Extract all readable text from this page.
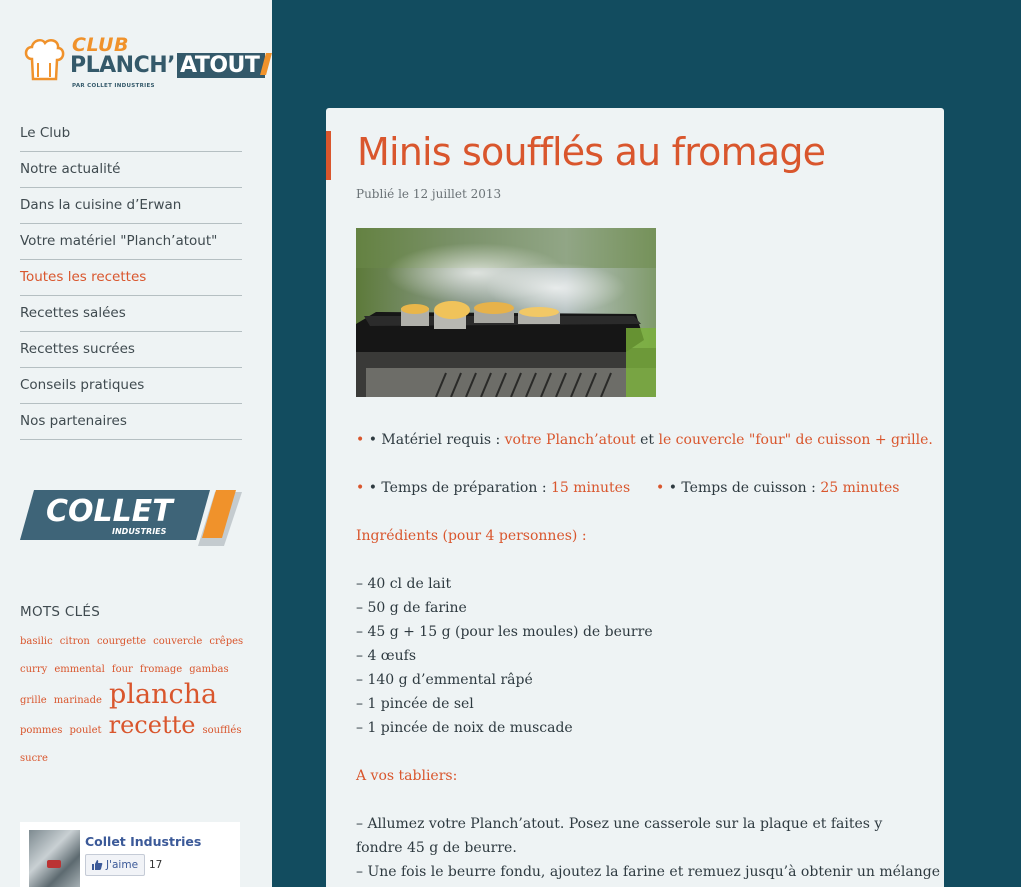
CLUB
PLANCH’ ATOUT
PAR COLLET INDUSTRIES
Le Club
Notre actualité
Dans la cuisine d’Erwan
Votre matériel "Planch’atout"
Toutes les recettes
Recettes salées
Recettes sucrées
Conseils pratiques
Nos partenaires
COLLET
INDUSTRIES
MOTS CLÉS
basilic citron courgette couvercle crêpes curry emmental four fromage gambas grille marinade plancha pommes poulet recette soufflés sucre
Collet Industries
J'aime 17
Minis soufflés au fromage
Publié le 12 juillet 2013

• • Matériel requis : votre Planch’atout et le couvercle "four" de cuisson + grille.

• • Temps de préparation : 15 minutes • • Temps de cuisson : 25 minutes

Ingrédients (pour 4 personnes) :

– 40 cl de lait

– 50 g de farine

– 45 g + 15 g (pour les moules) de beurre

– 4 œufs

– 140 g d’emmental râpé

– 1 pincée de sel

– 1 pincée de noix de muscade

A vos tabliers:

– Allumez votre Planch’atout. Posez une casserole sur la plaque et faites y fondre 45 g de beurre.

– Une fois le beurre fondu, ajoutez la farine et remuez jusqu’à obtenir un mélange
